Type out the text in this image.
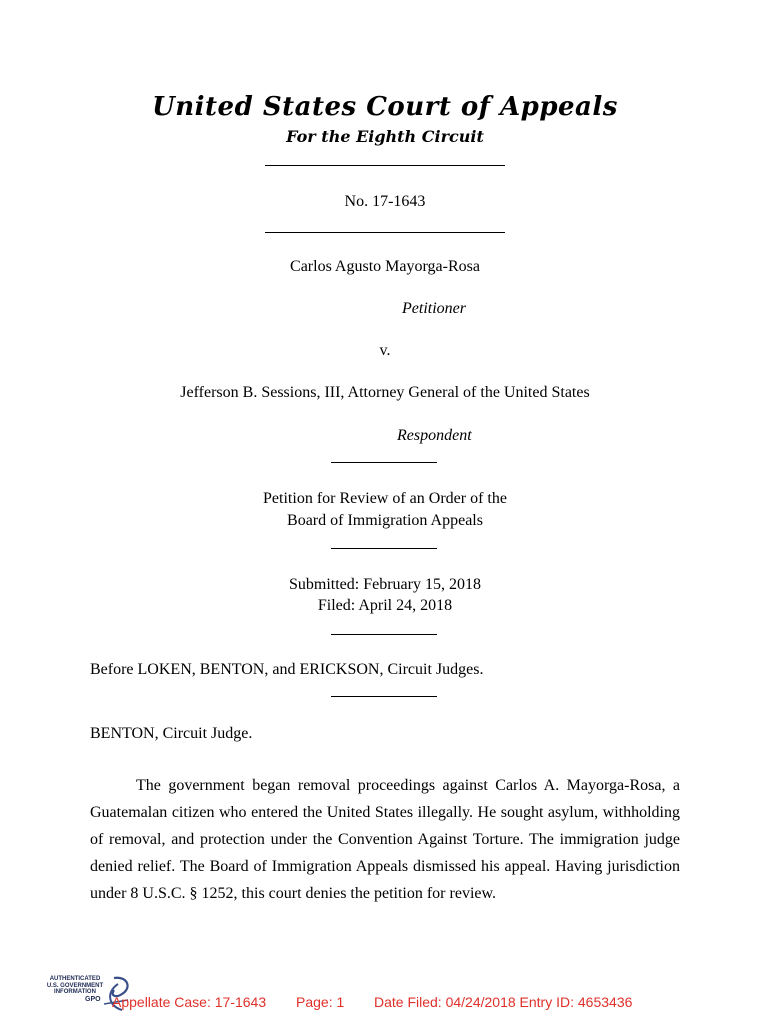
United States Court of Appeals
For the Eighth Circuit
No. 17-1643
Carlos Agusto Mayorga-Rosa
Petitioner
v.
Jefferson B. Sessions, III, Attorney General of the United States
Respondent
Petition for Review of an Order of the
Board of Immigration Appeals
Submitted: February 15, 2018
Filed: April 24, 2018
Before LOKEN, BENTON, and ERICKSON, Circuit Judges.
BENTON, Circuit Judge.
The government began removal proceedings against Carlos A. Mayorga-Rosa, a Guatemalan citizen who entered the United States illegally. He sought asylum, withholding of removal, and protection under the Convention Against Torture. The immigration judge denied relief. The Board of Immigration Appeals dismissed his appeal. Having jurisdiction under 8 U.S.C. § 1252, this court denies the petition for review.
AUTHENTICATED
U.S. GOVERNMENT
INFORMATION
GPO Appellate Case: 17-1643 Page: 1 Date Filed: 04/24/2018 Entry ID: 4653436
